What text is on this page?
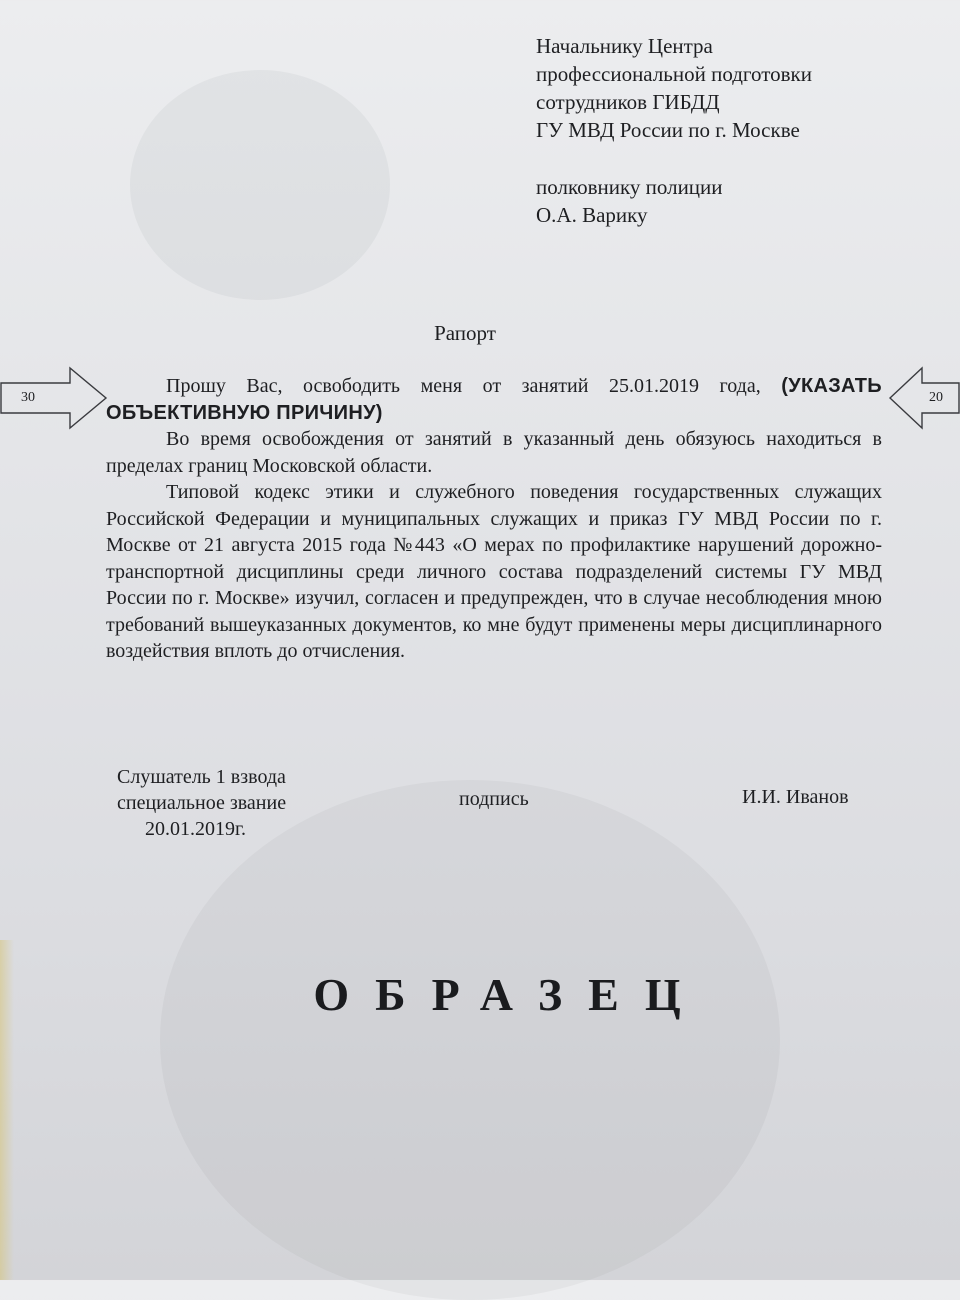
Начальнику Центра
профессиональной подготовки
сотрудников ГИБДД
ГУ МВД России по г. Москве
полковнику полиции
О.А. Варику
Рапорт
30	20

Прошу Вас, освободить меня от занятий 25.01.2019 года, (УКАЗАТЬ ОБЪЕКТИВНУЮ ПРИЧИНУ)

Во время освобождения от занятий в указанный день обязуюсь находиться в пределах границ Московской области.

Типовой кодекс этики и служебного поведения государственных служащих Российской Федерации и муниципальных служащих и приказ ГУ МВД России по г. Москве от 21 августа 2015 года №443 «О мерах по профилактике нарушений дорожно-транспортной дисциплины среди личного состава подразделений системы ГУ МВД России по г. Москве» изучил, согласен и предупрежден, что в случае несоблюдения мною требований вышеуказанных документов, ко мне будут применены меры дисциплинарного воздействия вплоть до отчисления.

Слушатель 1 взвода
специальное звание
20.01.2019г.
подпись	И.И. Иванов
ОБРАЗЕЦ
